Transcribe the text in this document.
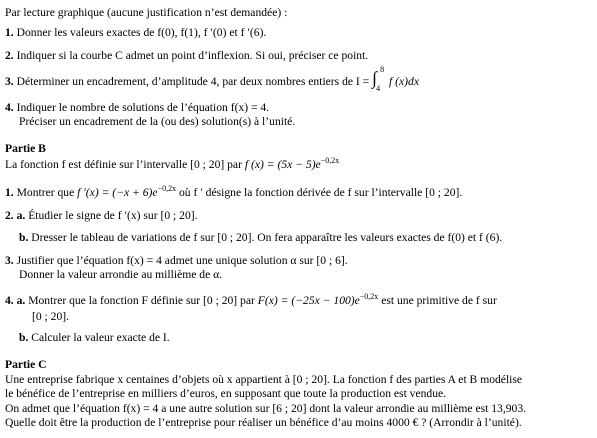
Par lecture graphique (aucune justification n’est demandée) :
1. Donner les valeurs exactes de f(0), f(1), f ′(0) et f ′(6).
2. Indiquer si la courbe C admet un point d’inflexion. Si oui, préciser ce point.
3. Déterminer un encadrement, d’amplitude 4, par deux nombres entiers de I = ∫ 8
4
f (x)dx
4. Indiquer le nombre de solutions de l’équation f(x) = 4.
Préciser un encadrement de la (ou des) solution(s) à l’unité.
Partie B
La fonction f est définie sur l’intervalle [0 ; 20] par f $(x) = (5x - 5)e^{-0,2x}$
1. Montrer que f $'(x) = (-x + 6)e^{-0,2x}$ où f ′ désigne la fonction dérivée de f sur l’intervalle [0 ; 20].
2. a. Étudier le signe de f ′(x) sur [0 ; 20].
b. Dresser le tableau de variations de f sur [0 ; 20]. On fera apparaître les valeurs exactes de f(0) et f (6).
3. Justifier que l’équation f(x) = 4 admet une unique solution α sur [0 ; 6].
Donner la valeur arrondie au millième de α.
4. a. Montrer que la fonction F définie sur [0 ; 20] par $F(x) = (-25x - 100)e^{-0,2x}$ est une primitive de f sur
[0 ; 20].
b. Calculer la valeur exacte de I.
Partie C
Une entreprise fabrique x centaines d’objets où x appartient à [0 ; 20]. La fonction f des parties A et B modélise
le bénéfice de l’entreprise en milliers d’euros, en supposant que toute la production est vendue.
On admet que l’équation f(x) = 4 a une autre solution sur [6 ; 20] dont la valeur arrondie au millième est 13,903.
Quelle doit être la production de l’entreprise pour réaliser un bénéfice d’au moins 4000 € ? (Arrondir à l’unité).
